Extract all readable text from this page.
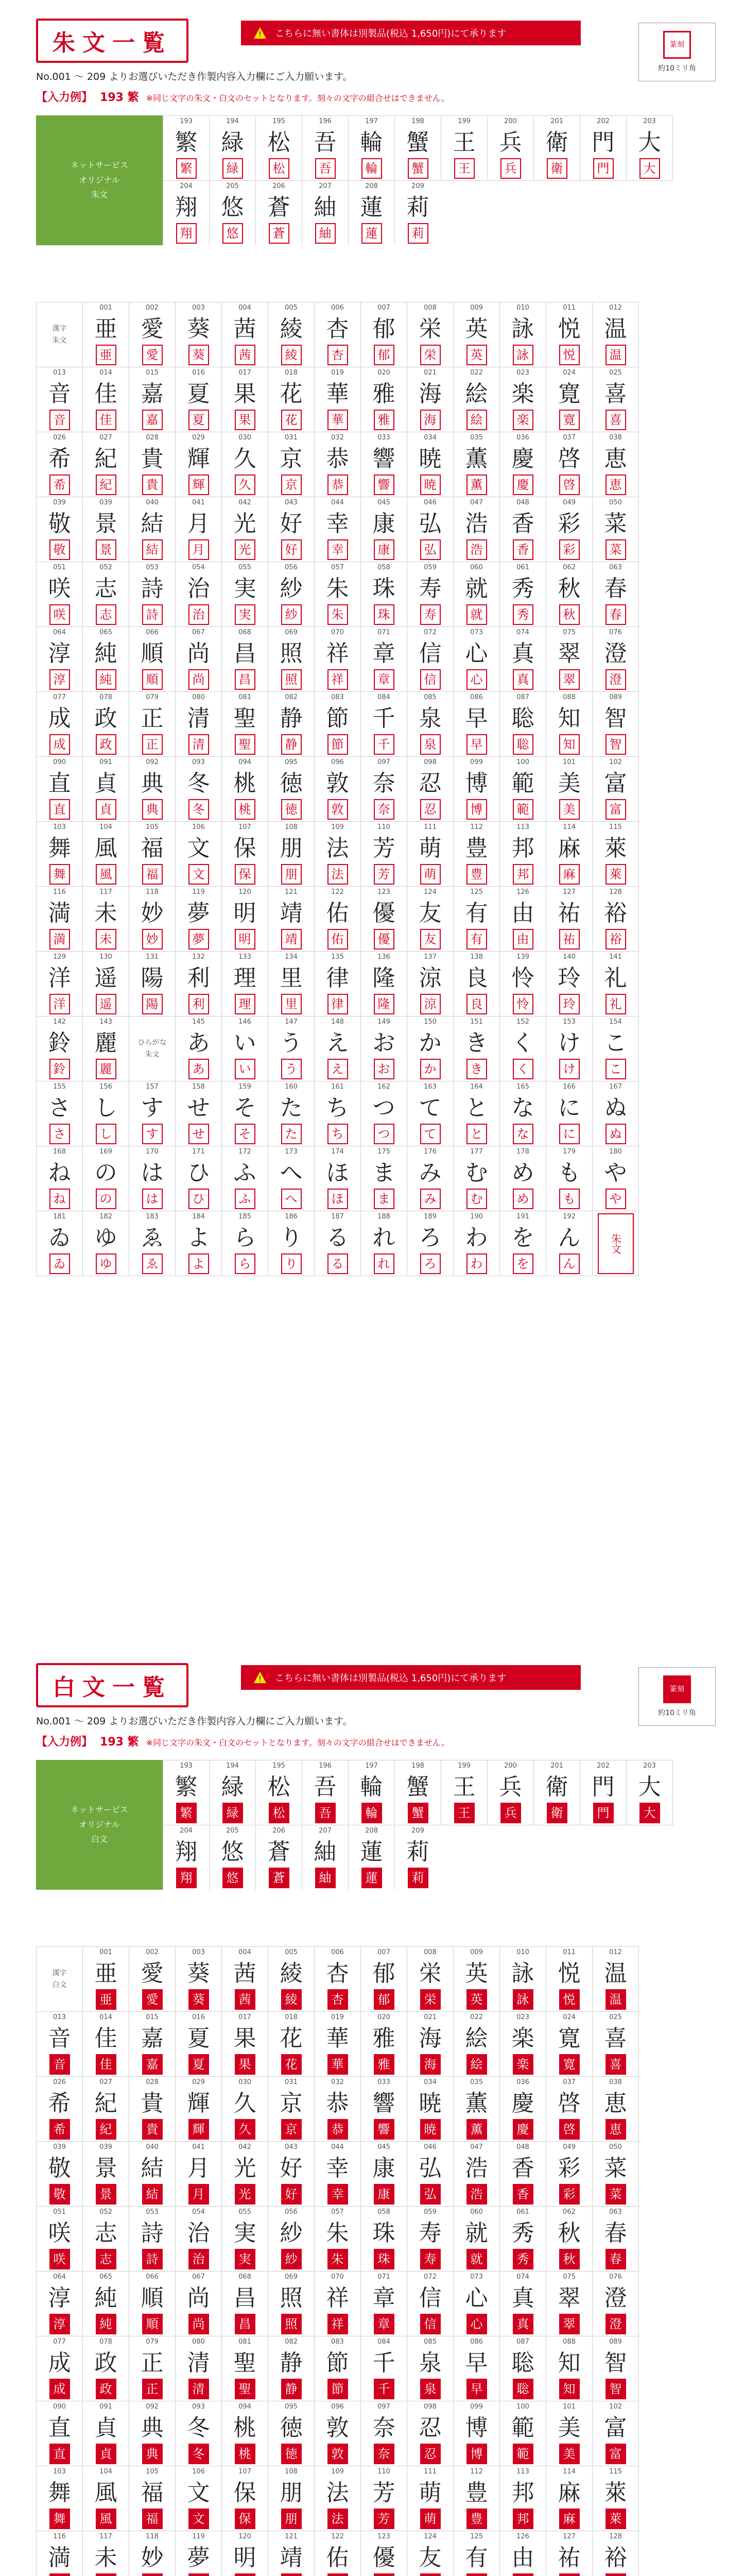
朱文一覧	! こちらに無い書体は別製品(税込 1,650円)にて承ります
No.001 〜 209 よりお選びいただき作製内容入力欄にご入力願います。
【入力例】 193 繁 ※同じ文字の朱文・白文のセットとなります。刻々の文字の組合せはできません。
篆刻
約10ミリ角
ネットサービス
オリジナル
朱文
193
繁
繁
194
緑
緑
195
松
松
196
吾
吾
197
輪
輪
198
蟹
蟹
199
王
王
200
兵
兵
201
衛
衛
202
門
門
203
大
大
204
翔
翔
205
悠
悠
206
蒼
蒼
207
紬
紬
208
蓮
蓮
209
莉
莉
001
亜
亜
002
愛
愛
003
葵
葵
004
茜
茜
005
綾
綾
006
杏
杏
007
郁
郁
008
栄
栄
009
英
英
010
詠
詠
011
悦
悦
012
温
温
013
音
音
014
佳
佳
015
嘉
嘉
016
夏
夏
017
果
果
018
花
花
019
華
華
020
雅
雅
021
海
海
022
絵
絵
023
楽
楽
024
寛
寛
025
喜
喜
026
希
希
027
紀
紀
028
貴
貴
029
輝
輝
030
久
久
031
京
京
032
恭
恭
033
響
響
034
暁
暁
035
薫
薫
036
慶
慶
037
啓
啓
038
恵
恵
039
敬
敬
039
景
景
040
結
結
041
月
月
042
光
光
043
好
好
044
幸
幸
045
康
康
046
弘
弘
047
浩
浩
048
香
香
049
彩
彩
050
菜
菜
051
咲
咲
052
志
志
053
詩
詩
054
治
治
055
実
実
056
紗
紗
057
朱
朱
058
珠
珠
059
寿
寿
060
就
就
061
秀
秀
062
秋
秋
063
春
春
064
淳
淳
065
純
純
066
順
順
067
尚
尚
068
昌
昌
069
照
照
070
祥
祥
071
章
章
072
信
信
073
心
心
074
真
真
075
翠
翠
076
澄
澄
077
成
成
078
政
政
079
正
正
080
清
清
081
聖
聖
082
静
静
083
節
節
084
千
千
085
泉
泉
086
早
早
087
聡
聡
088
知
知
089
智
智
090
直
直
091
貞
貞
092
典
典
093
冬
冬
094
桃
桃
095
徳
徳
096
敦
敦
097
奈
奈
098
忍
忍
099
博
博
100
範
範
101
美
美
102
富
富
103
舞
舞
104
風
風
105
福
福
106
文
文
107
保
保
108
朋
朋
109
法
法
110
芳
芳
111
萌
萌
112
豊
豊
113
邦
邦
114
麻
麻
115
萊
萊
116
満
満
117
未
未
118
妙
妙
119
夢
夢
120
明
明
121
靖
靖
122
佑
佑
123
優
優
124
友
友
125
有
有
126
由
由
127
祐
祐
128
裕
裕
129
洋
洋
130
遥
遥
131
陽
陽
132
利
利
133
理
理
134
里
里
135
律
律
136
隆
隆
137
涼
涼
138
良
良
139
怜
怜
140
玲
玲
141
礼
礼
漢字
朱文
142
鈴
鈴
143
麗
麗
ひらがな
朱文
145
あ
あ
146
い
い
147
う
う
148
え
え
149
お
お
150
か
か
151
き
き
152
く
く
153
け
け
154
こ
こ
155
さ
さ
156
し
し
157
す
す
158
せ
せ
159
そ
そ
160
た
た
161
ち
ち
162
つ
つ
163
て
て
164
と
と
165
な
な
166
に
に
167
ぬ
ぬ
168
ね
ね
169
の
の
170
は
は
171
ひ
ひ
172
ふ
ふ
173
へ
へ
174
ほ
ほ
175
ま
ま
176
み
み
177
む
む
178
め
め
179
も
も
180
や
や
181
ゐ
ゐ
182
ゆ
ゆ
183
ゑ
ゑ
184
よ
よ
185
ら
ら
186
り
り
187
る
る
188
れ
れ
189
ろ
ろ
190
わ
わ
191
を
を
192
ん
ん
朱文
白文一覧	! こちらに無い書体は別製品(税込 1,650円)にて承ります
No.001 〜 209 よりお選びいただき作製内容入力欄にご入力願います。
【入力例】 193 繁 ※同じ文字の朱文・白文のセットとなります。刻々の文字の組合せはできません。
篆刻
約10ミリ角
ネットサービス
オリジナル
白文
193
繁
繁
194
緑
緑
195
松
松
196
吾
吾
197
輪
輪
198
蟹
蟹
199
王
王
200
兵
兵
201
衛
衛
202
門
門
203
大
大
204
翔
翔
205
悠
悠
206
蒼
蒼
207
紬
紬
208
蓮
蓮
209
莉
莉
001
亜
亜
002
愛
愛
003
葵
葵
004
茜
茜
005
綾
綾
006
杏
杏
007
郁
郁
008
栄
栄
009
英
英
010
詠
詠
011
悦
悦
012
温
温
013
音
音
014
佳
佳
015
嘉
嘉
016
夏
夏
017
果
果
018
花
花
019
華
華
020
雅
雅
021
海
海
022
絵
絵
023
楽
楽
024
寛
寛
025
喜
喜
026
希
希
027
紀
紀
028
貴
貴
029
輝
輝
030
久
久
031
京
京
032
恭
恭
033
響
響
034
暁
暁
035
薫
薫
036
慶
慶
037
啓
啓
038
恵
恵
039
敬
敬
039
景
景
040
結
結
041
月
月
042
光
光
043
好
好
044
幸
幸
045
康
康
046
弘
弘
047
浩
浩
048
香
香
049
彩
彩
050
菜
菜
051
咲
咲
052
志
志
053
詩
詩
054
治
治
055
実
実
056
紗
紗
057
朱
朱
058
珠
珠
059
寿
寿
060
就
就
061
秀
秀
062
秋
秋
063
春
春
064
淳
淳
065
純
純
066
順
順
067
尚
尚
068
昌
昌
069
照
照
070
祥
祥
071
章
章
072
信
信
073
心
心
074
真
真
075
翠
翠
076
澄
澄
077
成
成
078
政
政
079
正
正
080
清
清
081
聖
聖
082
静
静
083
節
節
084
千
千
085
泉
泉
086
早
早
087
聡
聡
088
知
知
089
智
智
090
直
直
091
貞
貞
092
典
典
093
冬
冬
094
桃
桃
095
徳
徳
096
敦
敦
097
奈
奈
098
忍
忍
099
博
博
100
範
範
101
美
美
102
富
富
103
舞
舞
104
風
風
105
福
福
106
文
文
107
保
保
108
朋
朋
109
法
法
110
芳
芳
111
萌
萌
112
豊
豊
113
邦
邦
114
麻
麻
115
萊
萊
116
満
117
未
118
妙
119
夢
120
明
121
靖
122
佑
123
優
124
友
125
有
126
由
127
祐
128
裕
漢字
白文
